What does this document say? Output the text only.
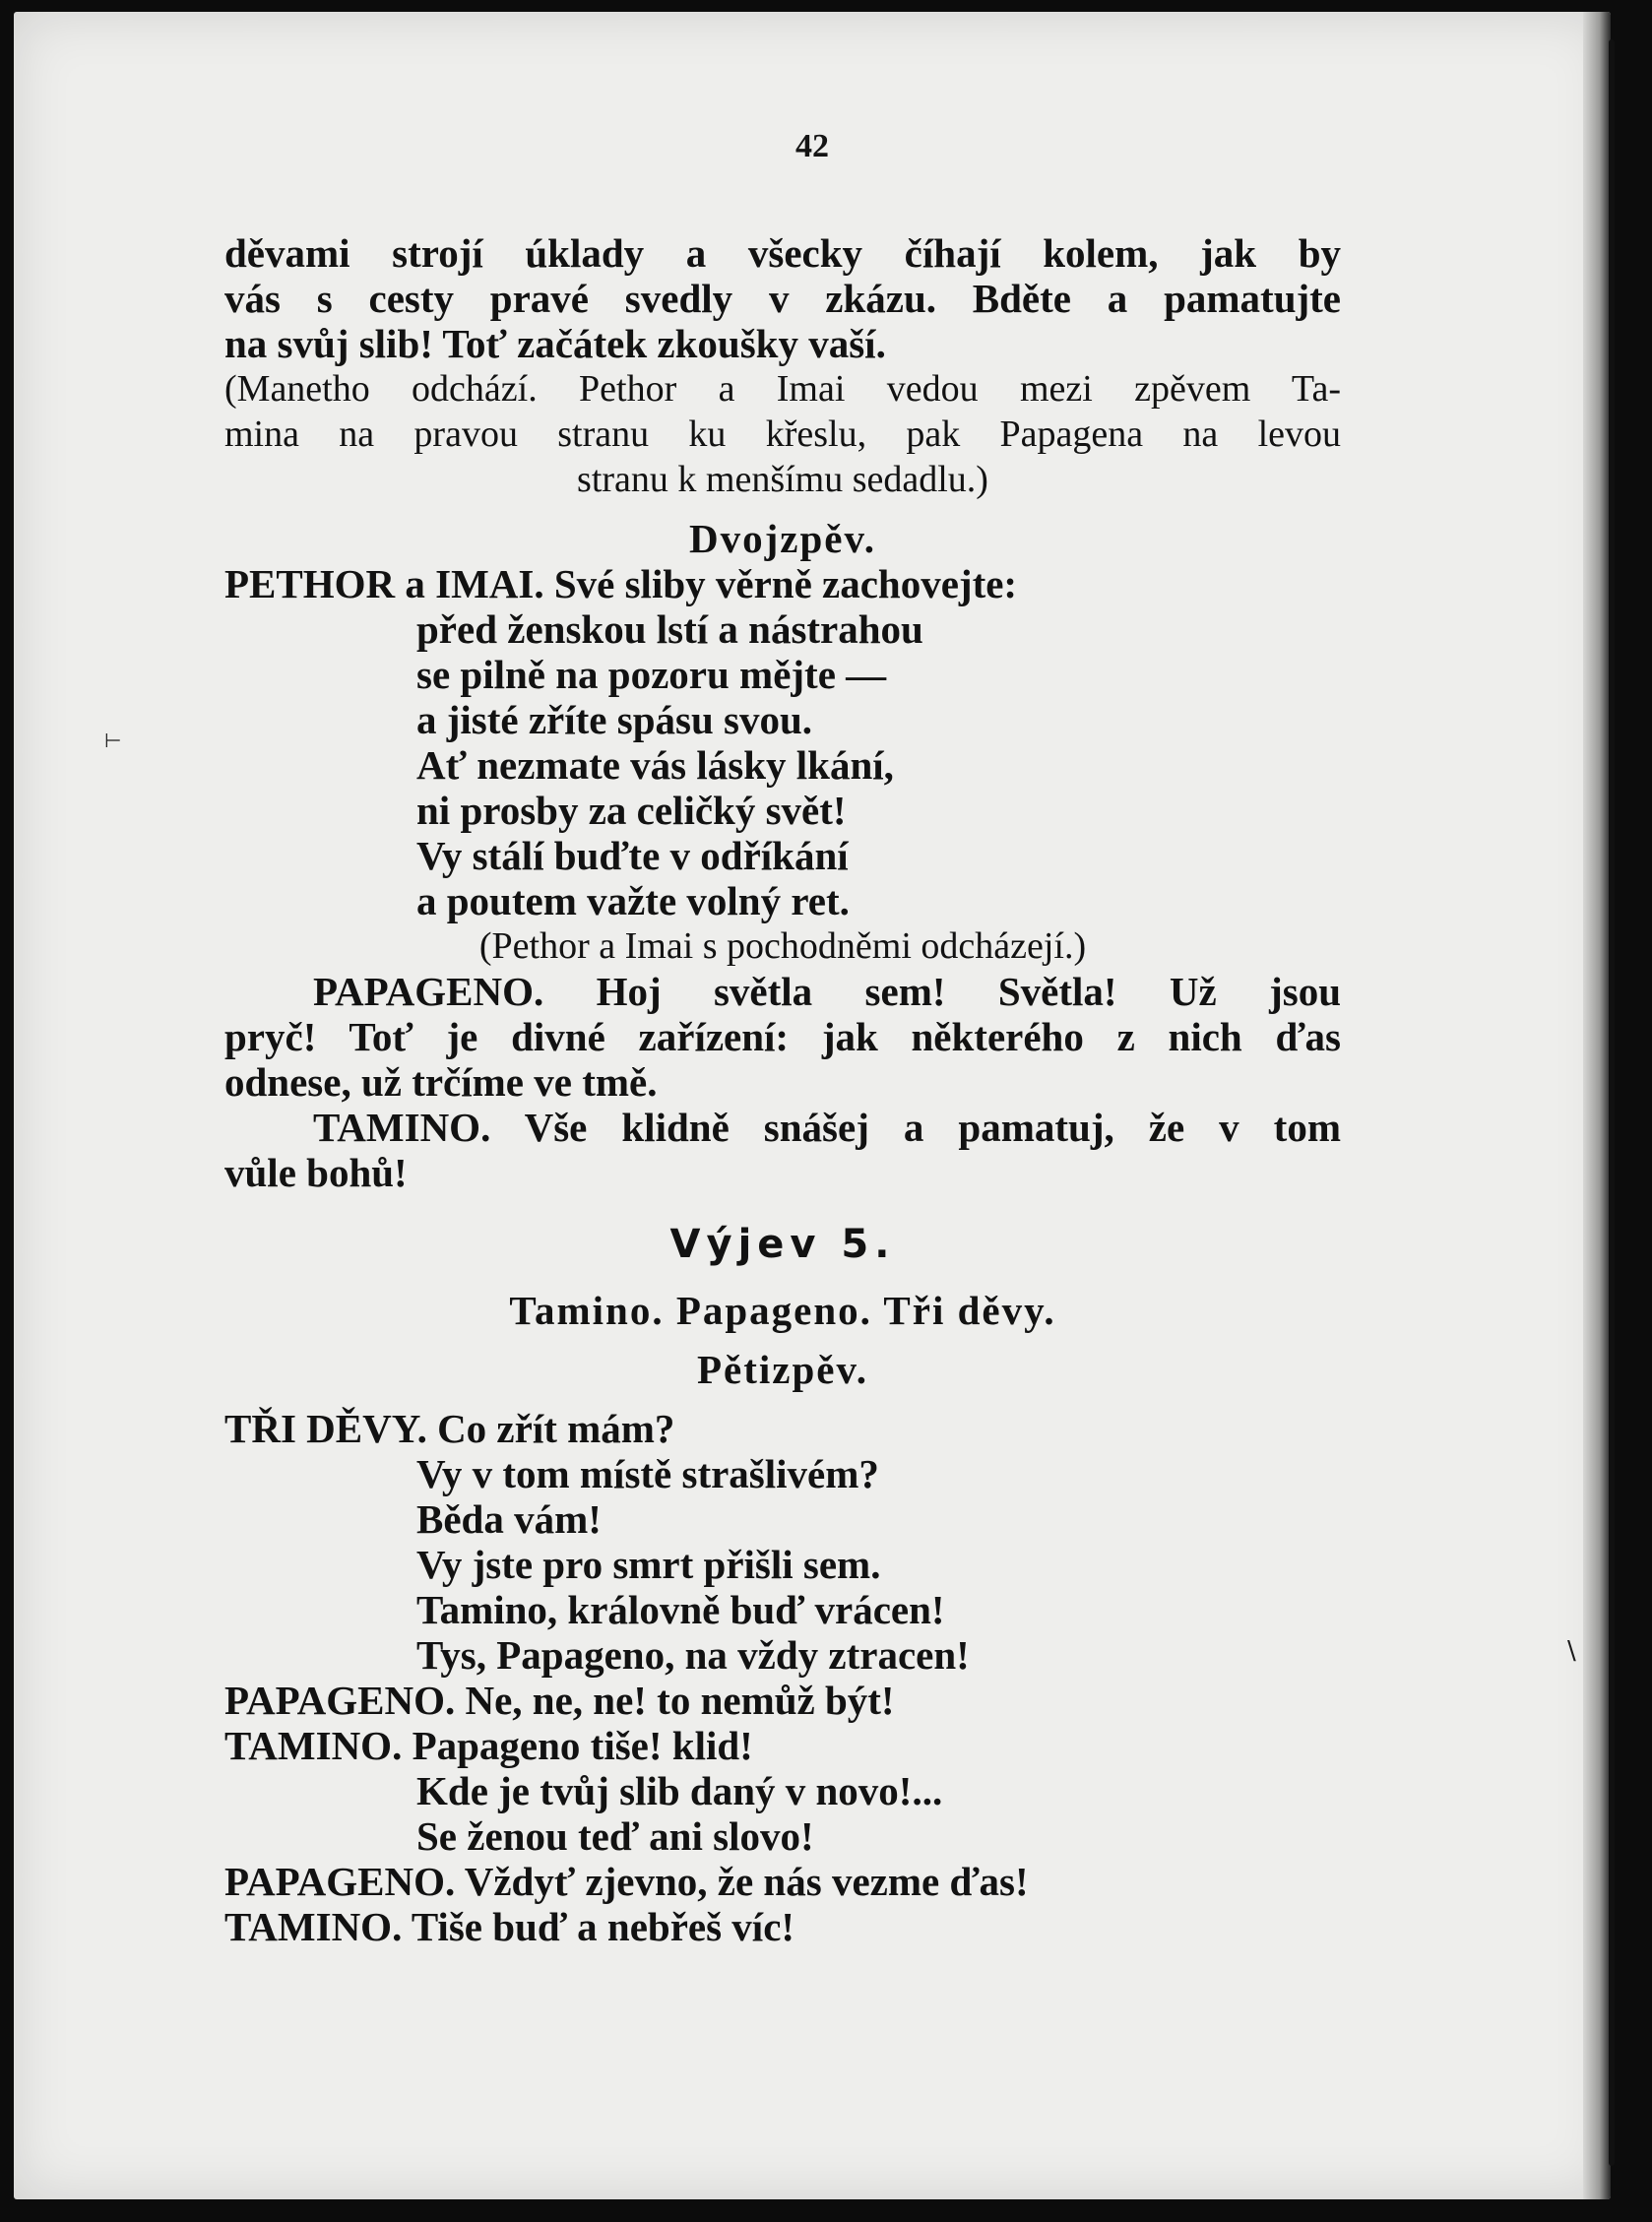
⊢
\
42
děvami strojí úklady a všecky číhají kolem, jak by
vás s cesty pravé svedly v zkázu. Bděte a pamatujte
na svůj slib! Toť začátek zkoušky vaší.
(Manetho odchází. Pethor a Imai vedou mezi zpěvem Ta-
mina na pravou stranu ku křeslu, pak Papagena na levou
stranu k menšímu sedadlu.)
Dvojzpěv.
PETHOR a IMAI. Své sliby věrně zachovejte:
před ženskou lstí a nástrahou
se pilně na pozoru mějte —
a jisté zříte spásu svou.
Ať nezmate vás lásky lkání,
ni prosby za celičký svět!
Vy stálí buďte v odříkání
a poutem važte volný ret.
(Pethor a Imai s pochodněmi odcházejí.)
PAPAGENO. Hoj světla sem! Světla! Už jsou
pryč! Toť je divné zařízení: jak některého z nich ďas
odnese, už trčíme ve tmě.
TAMINO. Vše klidně snášej a pamatuj, že v tom
vůle bohů!
Výjev 5.
Tamino. Papageno. Tři děvy.
Pětizpěv.
TŘI DĚVY. Co zřít mám?
Vy v tom místě strašlivém?
Běda vám!
Vy jste pro smrt přišli sem.
Tamino, královně buď vrácen!
Tys, Papageno, na vždy ztracen!
PAPAGENO. Ne, ne, ne! to nemůž být!
TAMINO. Papageno tiše! klid!
Kde je tvůj slib daný v novo!...
Se ženou teď ani slovo!
PAPAGENO. Vždyť zjevno, že nás vezme ďas!
TAMINO. Tiše buď a nebřeš víc!
